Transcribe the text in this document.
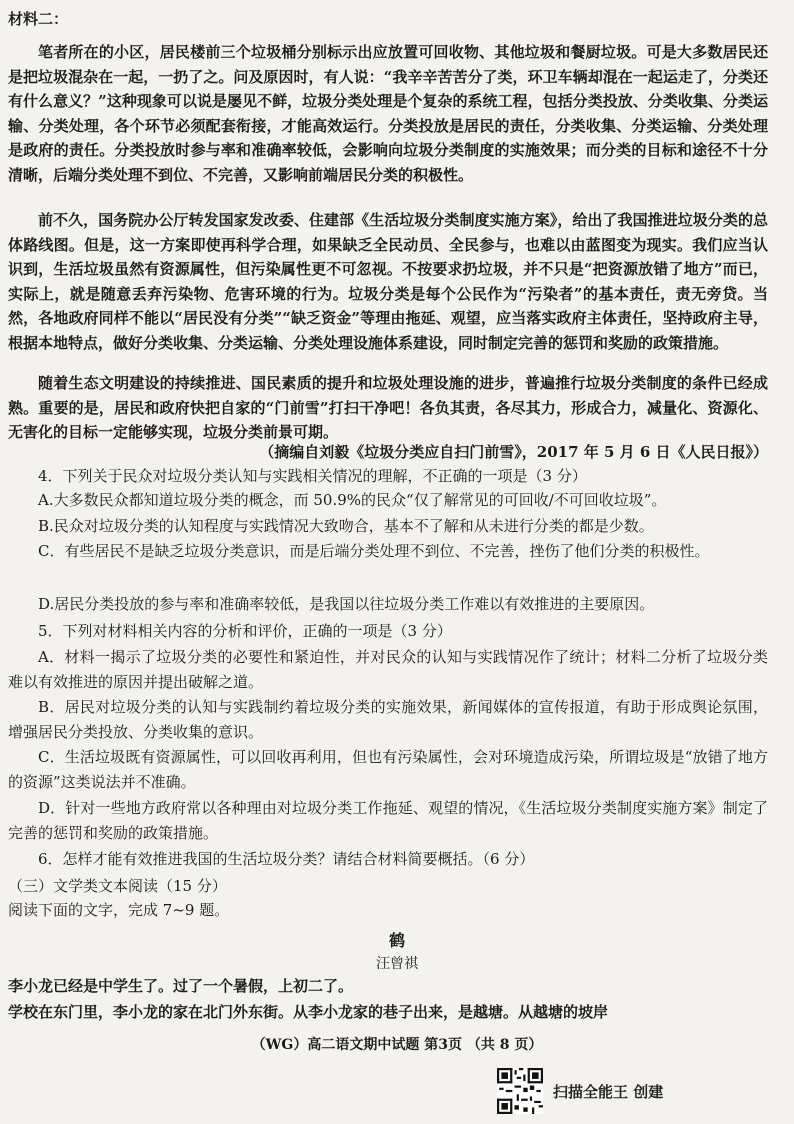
材料二：

笔者所在的小区，居民楼前三个垃圾桶分别标示出应放置可回收物、其他垃圾和餐厨垃圾。可是大多数居民还是把垃圾混杂在一起，一扔了之。问及原因时，有人说：“我辛辛苦苦分了类，环卫车辆却混在一起运走了，分类还有什么意义？”这种现象可以说是屡见不鲜，垃圾分类处理是个复杂的系统工程，包括分类投放、分类收集、分类运输、分类处理，各个环节必须配套衔接，才能高效运行。分类投放是居民的责任，分类收集、分类运输、分类处理是政府的责任。分类投放时参与率和准确率较低，会影响向垃圾分类制度的实施效果；而分类的目标和途径不十分清晰，后端分类处理不到位、不完善，又影响前端居民分类的积极性。

前不久，国务院办公厅转发国家发改委、住建部《生活垃圾分类制度实施方案》，给出了我国推进垃圾分类的总体路线图。但是，这一方案即使再科学合理，如果缺乏全民动员、全民参与，也难以由蓝图变为现实。我们应当认识到，生活垃圾虽然有资源属性，但污染属性更不可忽视。不按要求扔垃圾，并不只是“把资源放错了地方”而已，实际上，就是随意丢弃污染物、危害环境的行为。垃圾分类是每个公民作为“污染者”的基本责任，责无旁贷。当然，各地政府同样不能以“居民没有分类”“缺乏资金”等理由拖延、观望，应当落实政府主体责任，坚持政府主导，根据本地特点，做好分类收集、分类运输、分类处理设施体系建设，同时制定完善的惩罚和奖励的政策措施。

随着生态文明建设的持续推进、国民素质的提升和垃圾处理设施的进步，普遍推行垃圾分类制度的条件已经成熟。重要的是，居民和政府快把自家的“门前雪”打扫干净吧！各负其责，各尽其力，形成合力，减量化、资源化、无害化的目标一定能够实现，垃圾分类前景可期。

（摘编自刘毅《垃圾分类应自扫门前雪》，2017 年 5 月 6 日《人民日报》）

4．下列关于民众对垃圾分类认知与实践相关情况的理解，不正确的一项是（3 分）

A.大多数民众都知道垃圾分类的概念，而 50.9%的民众“仅了解常见的可回收/不可回收垃圾”。

B.民众对垃圾分类的认知程度与实践情况大致吻合，基本不了解和从未进行分类的都是少数。

C．有些居民不是缺乏垃圾分类意识，而是后端分类处理不到位、不完善，挫伤了他们分类的积极性。

D.居民分类投放的参与率和准确率较低，是我国以往垃圾分类工作难以有效推进的主要原因。

5．下列对材料相关内容的分析和评价，正确的一项是（3 分）

A．材料一揭示了垃圾分类的必要性和紧迫性，并对民众的认知与实践情况作了统计；材料二分析了垃圾分类难以有效推进的原因并提出破解之道。

B．居民对垃圾分类的认知与实践制约着垃圾分类的实施效果，新闻媒体的宣传报道，有助于形成舆论氛围，增强居民分类投放、分类收集的意识。

C．生活垃圾既有资源属性，可以回收再利用，但也有污染属性，会对环境造成污染，所谓垃圾是“放错了地方的资源”这类说法并不准确。

D．针对一些地方政府常以各种理由对垃圾分类工作拖延、观望的情况，《生活垃圾分类制度实施方案》制定了完善的惩罚和奖励的政策措施。

6．怎样才能有效推进我国的生活垃圾分类？请结合材料简要概括。（6 分）

（三）文学类文本阅读（15 分）

阅读下面的文字，完成 7~9 题。

鹤

汪曾祺

李小龙已经是中学生了。过了一个暑假，上初二了。

学校在东门里，李小龙的家在北门外东街。从李小龙家的巷子出来，是越塘。从越塘的坡岸

（WG）高二语文期中试题 第3页 （共 8 页）
扫描全能王 创建
